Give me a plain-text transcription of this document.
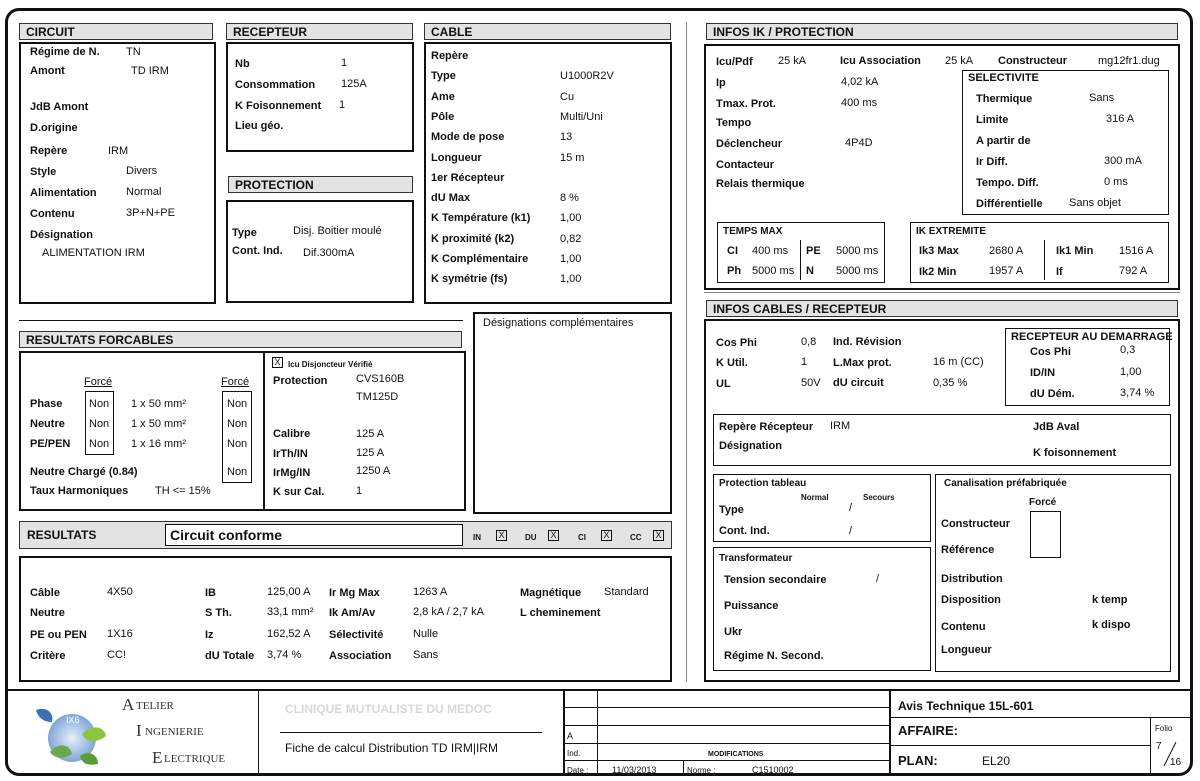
CIRCUIT
Régime de N. TN
Amont	TD IRM
JdB Amont
D.origine
Repère	IRM
Style	Divers
Alimentation	Normal
Contenu	3P+N+PE
Désignation
ALIMENTATION IRM
RECEPTEUR
Nb	1
Consommation 125A
K Foisonnement 1
Lieu géo.
PROTECTION
Type	Disj. Boitier moulé
Cont. Ind. Dif.300mA
CABLE
Repère
Type	U1000R2V
Ame	Cu
Pôle	Multi/Uni
Mode de pose	13
Longueur	15 m
1er Récepteur
dU Max	8 %
K Température (k1)	1,00
K proximité (k2)	0,82
K Complémentaire	1,00
K symétrie (fs)	1,00
INFOS IK / PROTECTION
Icu/Pdf 25 kA	Icu Association 25 kA Constructeur	mg12fr1.dug
Ip	4,02 kA
Tmax. Prot.	400 ms
Tempo
Déclencheur	4P4D
Contacteur
Relais thermique
SELECTIVITE
Thermique	Sans
Limite	316 A
A partir de
Ir Diff.	300 mA
Tempo. Diff.	0 ms
Différentielle Sans objet
TEMPS MAX
CI 400 ms PE 5000 ms
Ph 5000 ms N 5000 ms
IK EXTREMITE
Ik3 Max	2680 A	Ik1 Min 1516 A
Ik2 Min	1957 A	If	792 A
RESULTATS FORCABLES
Forcé	Forcé
Phase Non 1 x 50 mm²	Non
Neutre Non 1 x 50 mm²	Non
PE/PEN Non 1 x 16 mm²	Non
Neutre Chargé (0.84)	Non
Taux Harmoniques TH <= 15%
X Icu Disjoncteur Vérifié
Protection	CVS160B
TM125D
Calibre	125 A
IrTh/IN	125 A
IrMg/IN	1250 A
K sur Cal.	1
Désignations complémentaires
RESULTATS	Circuit conforme	IN X	DU X	CI X	CC X
Câble	4X50
Neutre
PE ou PEN 1X16
Critère	CC!
IB	125,00 A
S Th.	33,1 mm²
Iz	162,52 A
dU Totale 3,74 %
Ir Mg Max	1263 A
Ik Am/Av	2,8 kA / 2,7 kA
Sélectivité	Nulle
Association Sans
Magnétique Standard
L cheminement
INFOS CABLES / RECEPTEUR
Cos Phi	0,8 Ind. Révision
K Util.	1 L.Max prot.	16 m (CC)
UL	50V dU circuit	0,35 %
RECEPTEUR AU DEMARRAGE
Cos Phi	0,3
ID/IN	1,00
dU Dém.	3,74 %
Repère Récepteur IRM
Désignation
JdB Aval
K foisonnement
Protection tableau
Normal	Secours
Type	/
Cont. Ind.	/
Transformateur
Tension secondaire	/
Puissance
Ukr
Régime N. Second.
Canalisation préfabriquée
Forcé
Constructeur
Référence
Distribution
Disposition	k temp
Contenu	k dispo
Longueur
IX6
A TELIER
I NGENIERIE
E LECTRIQUE
CLINIQUE MUTUALISTE DU MEDOC
Fiche de calcul Distribution TD IRM|IRM
A
Ind.	MODIFICATIONS
Date :	11/03/2013	Norme :	C1510002
Avis Technique 15L-601
AFFAIRE:
PLAN:	EL20
Folio
7
16
